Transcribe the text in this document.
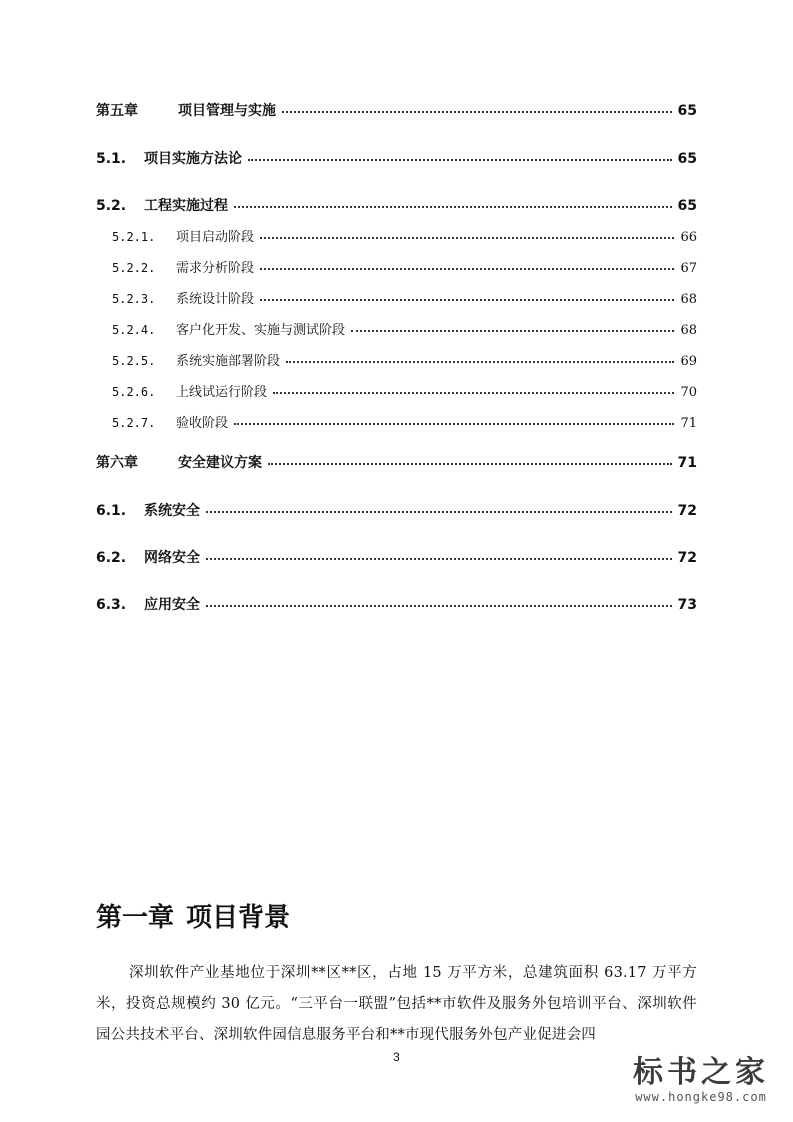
第五章	项目管理与实施	65
5.1.	项目实施方法论	65
5.2.	工程实施过程	65
5.2.1.	项目启动阶段	66
5.2.2.	需求分析阶段	67
5.2.3.	系统设计阶段	68
5.2.4.	客户化开发、实施与测试阶段	68
5.2.5.	系统实施部署阶段	69
5.2.6.	上线试运行阶段	70
5.2.7.	验收阶段	71
第六章	安全建议方案	71
6.1.	系统安全	72
6.2.	网络安全	72
6.3.	应用安全	73
第一章 项目背景

深圳软件产业基地位于深圳**区**区，占地 15 万平方米，总建筑面积 63.17 万平方米，投资总规模约 30 亿元。“三平台一联盟”包括**市软件及服务外包培训平台、深圳软件园公共技术平台、深圳软件园信息服务平台和**市现代服务外包产业促进会四

3	标书之家
www.hongke98.com
